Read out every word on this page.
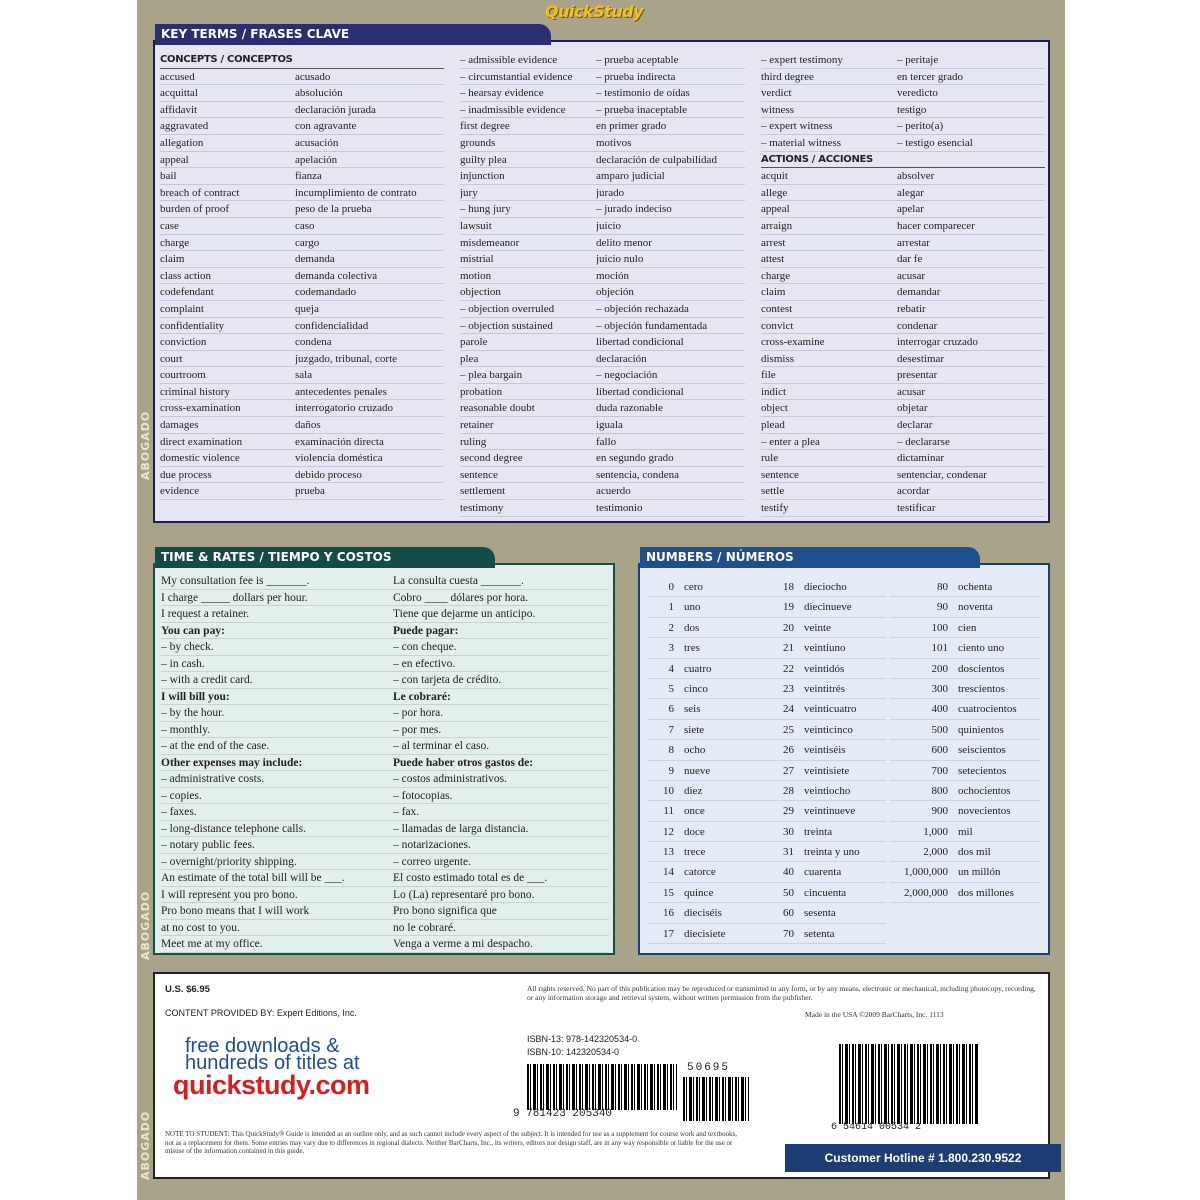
QuickStudy
ABOGADO
ABOGADO
ABOGADO
KEY TERMS / FRASES CLAVE
CONCEPTS / CONCEPTOS
accused	acusado
acquittal	absolución
affidavit	declaración jurada
aggravated	con agravante
allegation	acusación
appeal	apelación
bail	fianza
breach of contract	incumplimiento de contrato
burden of proof	peso de la prueba
case	caso
charge	cargo
claim	demanda
class action	demanda colectiva
codefendant	codemandado
complaint	queja
confidentiality	confidencialidad
conviction	condena
court	juzgado, tribunal, corte
courtroom	sala
criminal history	antecedentes penales
cross-examination	interrogatorio cruzado
damages	daños
direct examination	examinación directa
domestic violence	violencia doméstica
due process	debido proceso
evidence	prueba
– admissible evidence	– prueba aceptable
– circumstantial evidence	– prueba indirecta
– hearsay evidence	– testimonio de oídas
– inadmissible evidence	– prueba inaceptable
first degree	en primer grado
grounds	motivos
guilty plea	declaración de culpabilidad
injunction	amparo judicial
jury	jurado
– hung jury	– jurado indeciso
lawsuit	juicio
misdemeanor	delito menor
mistrial	juicio nulo
motion	moción
objection	objeción
– objection overruled	– objeción rechazada
– objection sustained	– objeción fundamentada
parole	libertad condicional
plea	declaración
– plea bargain	– negociación
probation	libertad condicional
reasonable doubt	duda razonable
retainer	iguala
ruling	fallo
second degree	en segundo grado
sentence	sentencia, condena
settlement	acuerdo
testimony	testimonio
– expert testimony	– peritaje
third degree	en tercer grado
verdict	veredicto
witness	testigo
– expert witness	– perito(a)
– material witness	– testigo esencial
ACTIONS / ACCIONES
acquit	absolver
allege	alegar
appeal	apelar
arraign	hacer comparecer
arrest	arrestar
attest	dar fe
charge	acusar
claim	demandar
contest	rebatir
convict	condenar
cross-examine	interrogar cruzado
dismiss	desestimar
file	presentar
indict	acusar
object	objetar
plead	declarar
– enter a plea	– declararse
rule	dictaminar
sentence	sentenciar, condenar
settle	acordar
testify	testificar
TIME & RATES / TIEMPO Y COSTOS
My consultation fee is _______.	La consulta cuesta _______.
I charge _____ dollars per hour.	Cobro ____ dólares por hora.
I request a retainer.	Tiene que dejarme un anticipo.
You can pay:	Puede pagar:
– by check.	– con cheque.
– in cash.	– en efectivo.
– with a credit card.	– con tarjeta de crédito.
I will bill you:	Le cobraré:
– by the hour.	– por hora.
– monthly.	– por mes.
– at the end of the case.	– al terminar el caso.
Other expenses may include:	Puede haber otros gastos de:
– administrative costs.	– costos administrativos.
– copies.	– fotocopias.
– faxes.	– fax.
– long-distance telephone calls.	– llamadas de larga distancia.
– notary public fees.	– notarizaciones.
– overnight/priority shipping.	– correo urgente.
An estimate of the total bill will be ___.	El costo estimado total es de ___.
I will represent you pro bono.	Lo (La) representaré pro bono.
Pro bono means that I will work	Pro bono significa que
at no cost to you.	no le cobraré.
Meet me at my office.	Venga a verme a mi despacho.
NUMBERS / NÚMEROS
0 cero
1 uno
2 dos
3 tres
4 cuatro
5 cinco
6 seis
7 siete
8 ocho
9 nueve
10 diez
11 once
12 doce
13 trece
14 catorce
15 quince
16 dieciséis
17 diecisiete
18 dieciocho
19 diecinueve
20 veinte
21 veintiuno
22 veintidós
23 veintitrés
24 veinticuatro
25 veinticinco
26 veintiséis
27 veintisiete
28 veintiocho
29 veintinueve
30 treinta
31 treinta y uno
40 cuarenta
50 cincuenta
60 sesenta
70 setenta
80 ochenta
90 noventa
100 cien
101 ciento uno
200 doscientos
300 trescientos
400 cuatrocientos
500 quinientos
600 seiscientos
700 setecientos
800 ochocientos
900 novecientos
1,000 mil
2,000 dos mil
1,000,000 un millón
2,000,000 dos millones
U.S. $6.95
CONTENT PROVIDED BY: Expert Editions, Inc.
free downloads &
hundreds of titles at
quickstudy.com
All rights reserved. No part of this publication may be reproduced or transmitted in any form, or by any means, electronic or mechanical, including photocopy, recording, or any information storage and retrieval system, without written permission from the publisher.
Made in the USA ©2009 BarCharts, Inc. 1113
ISBN-13: 978-142320534-0
ISBN-10: 142320534-0
9 781423 205340
50695
6 54614 00534 2
NOTE TO STUDENT: This QuickStudy® Guide is intended as an outline only, and as such cannot include every aspect of the subject. It is intended for use as a supplement for course work and textbooks, not as a replacement for them. Some entries may vary due to differences in regional dialects. Neither BarCharts, Inc., its writers, editors nor design staff, are in any way responsible or liable for the use or misuse of the information contained in this guide.	Customer Hotline # 1.800.230.9522
